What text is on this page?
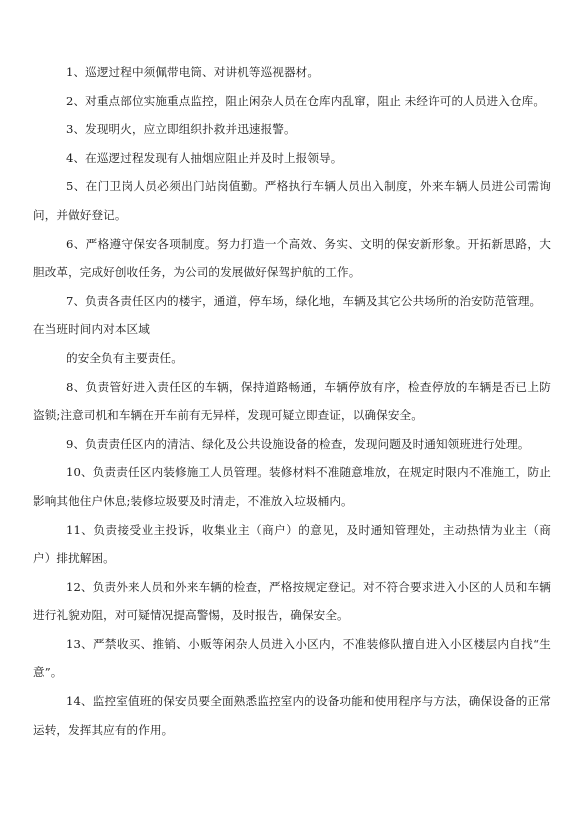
1、巡逻过程中须佩带电筒、对讲机等巡视器材。

2、对重点部位实施重点监控，阻止闲杂人员在仓库内乱窜，阻止 未经许可的人员进入仓库。

3、发现明火，应立即组织扑救并迅速报警。

4、在巡逻过程发现有人抽烟应阻止并及时上报领导。

5、在门卫岗人员必须出门站岗值勤。严格执行车辆人员出入制度，外来车辆人员进公司需询问，并做好登记。

6、严格遵守保安各项制度。努力打造一个高效、务实、文明的保安新形象。开拓新思路，大胆改革，完成好创收任务，为公司的发展做好保驾护航的工作。

7、负责各责任区内的楼宇，通道，停车场，绿化地，车辆及其它公共场所的治安防范管理。

在当班时间内对本区域

的安全负有主要责任。

8、负责管好进入责任区的车辆，保持道路畅通，车辆停放有序，检查停放的车辆是否已上防盗锁;注意司机和车辆在开车前有无异样，发现可疑立即查证，以确保安全。

9、负责责任区内的清洁、绿化及公共设施设备的检查，发现问题及时通知领班进行处理。

10、负责责任区内装修施工人员管理。装修材料不准随意堆放，在规定时限内不准施工，防止影响其他住户休息;装修垃圾要及时清走，不准放入垃圾桶内。

11、负责接受业主投诉，收集业主（商户）的意见，及时通知管理处，主动热情为业主（商户）排扰解困。

12、负责外来人员和外来车辆的检查，严格按规定登记。对不符合要求进入小区的人员和车辆进行礼貌劝阻，对可疑情况提高警惕，及时报告，确保安全。

13、严禁收买、推销、小贩等闲杂人员进入小区内，不准装修队擅自进入小区楼层内自找“生意”。

14、监控室值班的保安员要全面熟悉监控室内的设备功能和使用程序与方法，确保设备的正常运转，发挥其应有的作用。
